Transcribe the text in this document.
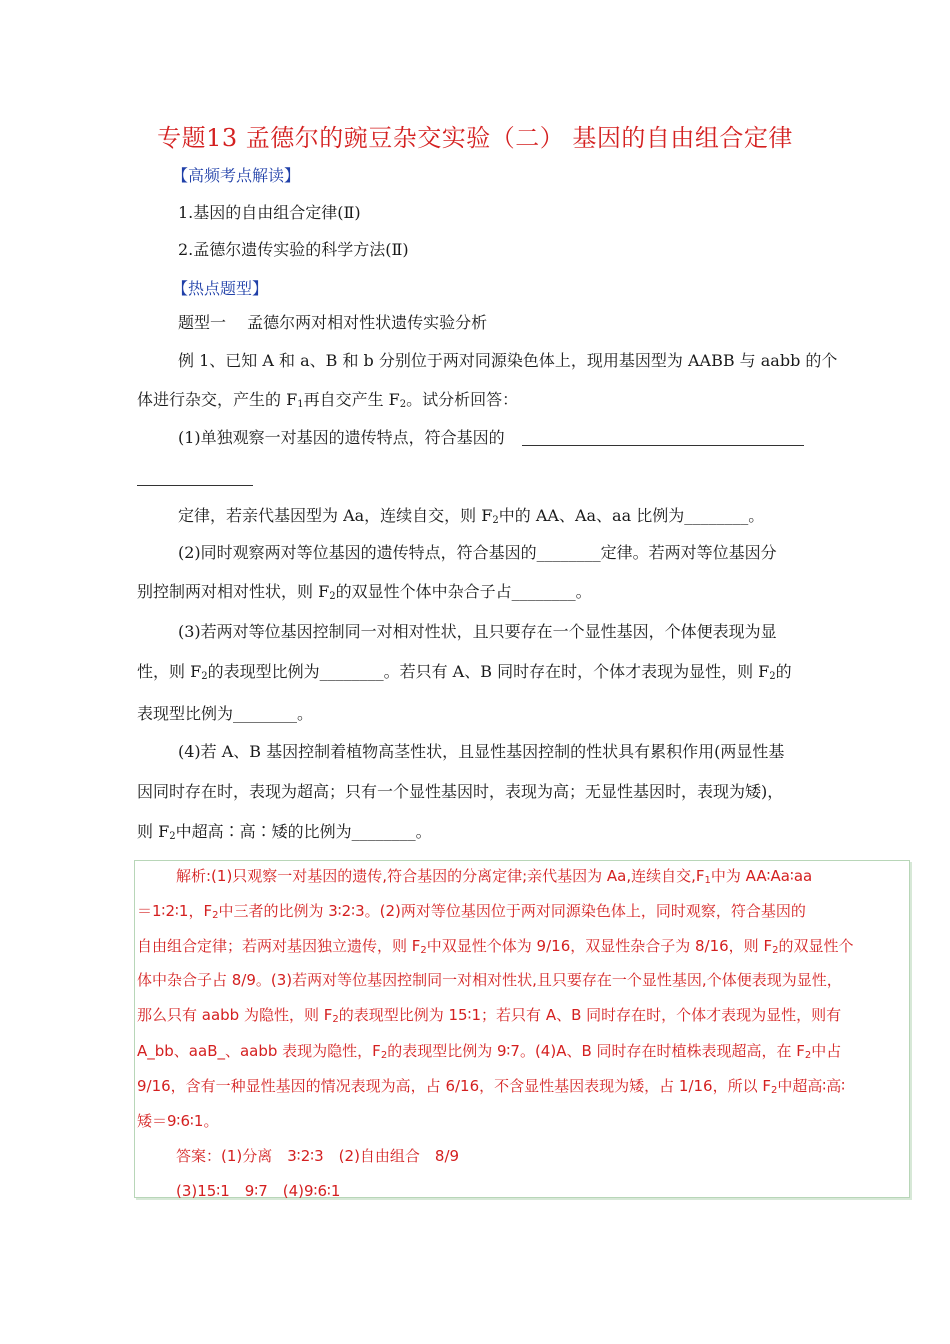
专题13 孟德尔的豌豆杂交实验（二） 基因的自由组合定律
【高频考点解读】
1.基因的自由组合定律(Ⅱ)
2.孟德尔遗传实验的科学方法(Ⅱ)
【热点题型】
题型一　 孟德尔两对相对性状遗传实验分析
例 1、已知 A 和 a、B 和 b 分别位于两对同源染色体上，现用基因型为 AABB 与 aabb 的个
体进行杂交，产生的 $F_1$再自交产生 $F_2$。试分析回答：
(1)单独观察一对基因的遗传特点，符合基因的
定律，若亲代基因型为 Aa，连续自交，则 $F_2$中的 AA、Aa、aa 比例为________。
(2)同时观察两对等位基因的遗传特点，符合基因的________定律。若两对等位基因分
别控制两对相对性状，则 $F_2$的双显性个体中杂合子占________。
(3)若两对等位基因控制同一对相对性状，且只要存在一个显性基因，个体便表现为显
性，则 $F_2$的表现型比例为________。若只有 A、B 同时存在时，个体才表现为显性，则 $F_2$的
表现型比例为________。
(4)若 A、B 基因控制着植物高茎性状，且显性基因控制的性状具有累积作用(两显性基
因同时存在时，表现为超高；只有一个显性基因时，表现为高；无显性基因时，表现为矮)，
则 $F_2$中超高∶高∶矮的比例为________。
解析:(1)只观察一对基因的遗传,符合基因的分离定律;亲代基因为 Aa,连续自交$,F_1$中为 AA∶Aa∶aa
＝1∶2∶1，$F_2$中三者的比例为 3∶2∶3。(2)两对等位基因位于两对同源染色体上，同时观察，符合基因的
自由组合定律；若两对基因独立遗传，则 $F_2$中双显性个体为 9/16，双显性杂合子为 8/16，则 $F_2$的双显性个
体中杂合子占 8/9。(3)若两对等位基因控制同一对相对性状,且只要存在一个显性基因,个体便表现为显性，
那么只有 aabb 为隐性，则 $F_2$的表现型比例为 15∶1；若只有 A、B 同时存在时，个体才表现为显性，则有
A_bb、aaB_、aabb 表现为隐性，$F_2$的表现型比例为 9∶7。(4)A、B 同时存在时植株表现超高，在 $F_2$中占
9/16，含有一种显性基因的情况表现为高，占 6/16，不含显性基因表现为矮，占 1/16，所以 $F_2$中超高∶高∶
矮＝9∶6∶1。
答案：(1)分离　3∶2∶3　(2)自由组合　8/9
(3)15∶1　9∶7　(4)9∶6∶1
